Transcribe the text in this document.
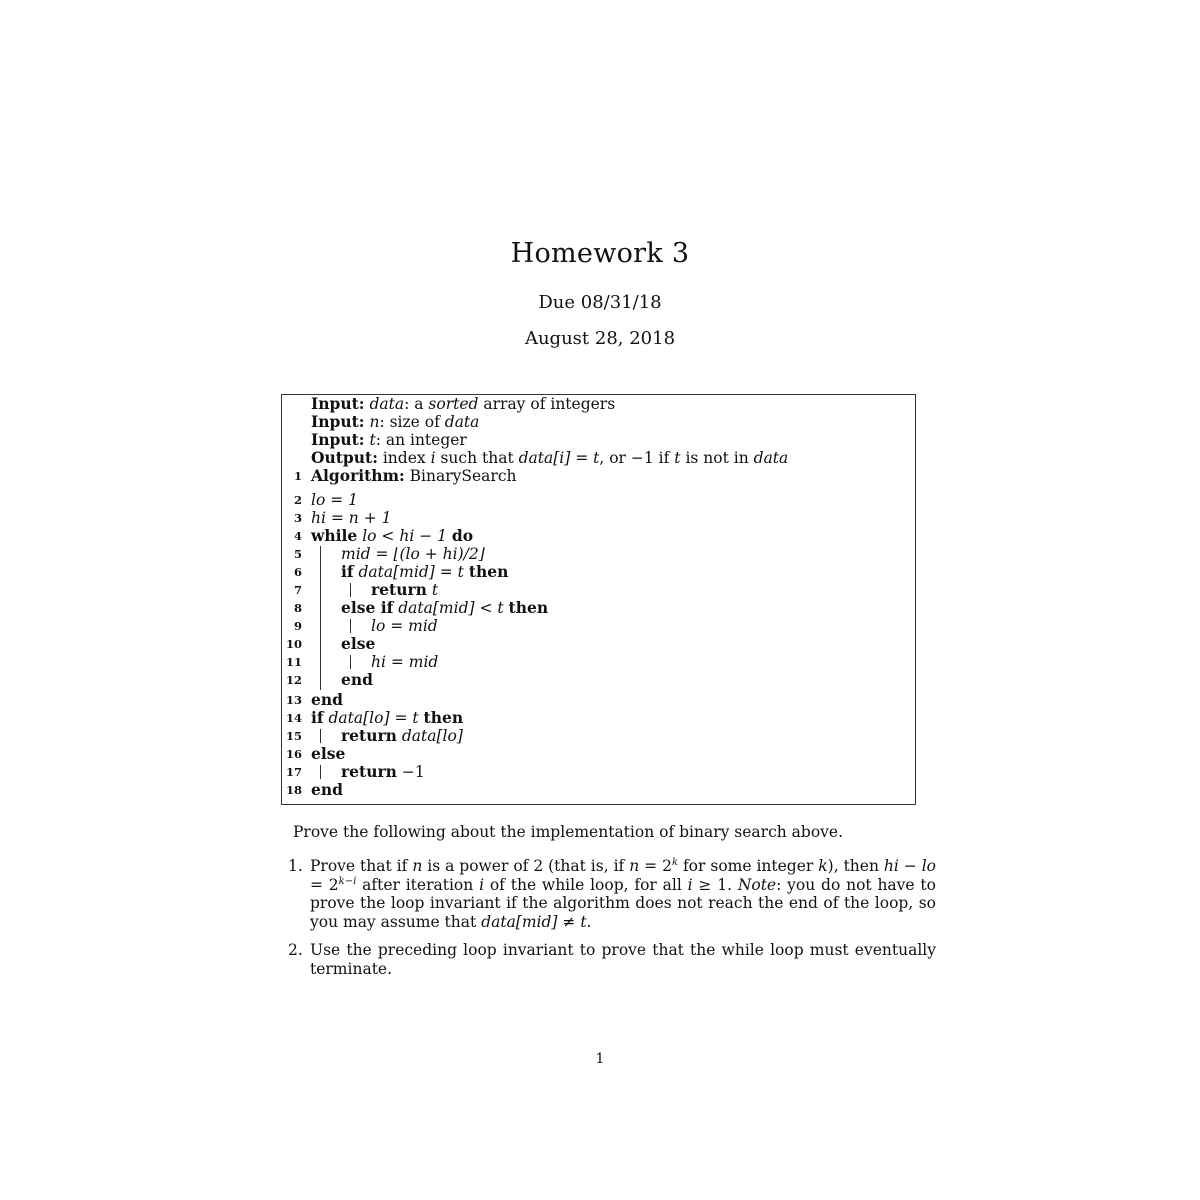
Homework 3
Due 08/31/18
August 28, 2018
Input: data: a sorted array of integers
Input: n: size of data
Input: t: an integer
Output: index i such that data[i] = t, or −1 if t is not in data
1 Algorithm: BinarySearch
2 lo = 1
3 hi = n + 1
4 while lo < hi − 1 do
5	mid = ⌊(lo + hi)/2⌋
6	if data[mid] = t then
7	return t
8	else if data[mid] < t then
9	lo = mid
10	else
11	hi = mid
12	end
13 end
14 if data[lo] = t then
15	return data[lo]
16 else
17	return −1
18 end
Prove the following about the implementation of binary search above.
1. Prove that if n is a power of 2 (that is, if $n = 2^k$ for some integer k), then hi − lo = $2^{k-i}$ after iteration i of the while loop, for all i ≥ 1. Note: you do not have to prove the loop invariant if the algorithm does not reach the end of the loop, so you may assume that data[mid] ≠ t.
2. Use the preceding loop invariant to prove that the while loop must eventually terminate.
1
